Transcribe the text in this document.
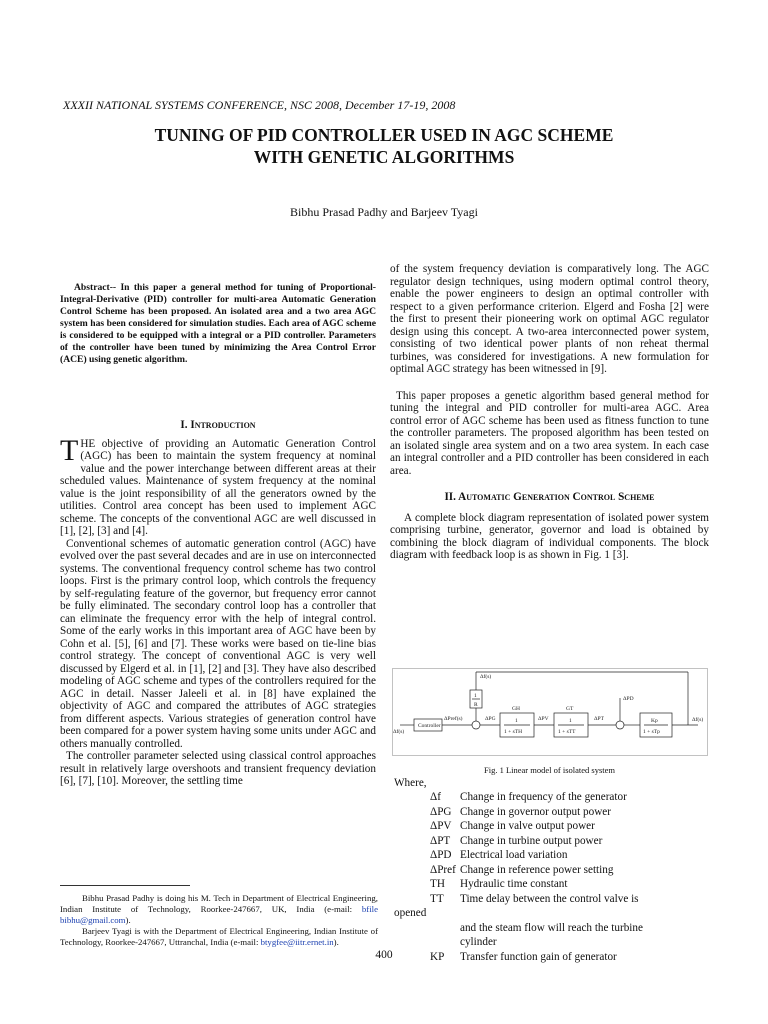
XXXII NATIONAL SYSTEMS CONFERENCE, NSC 2008, December 17-19, 2008
TUNING OF PID CONTROLLER USED IN AGC SCHEME
WITH GENETIC ALGORITHMS
Bibhu Prasad Padhy and Barjeev Tyagi
Abstract-- In this paper a general method for tuning of Proportional-Integral-Derivative (PID) controller for multi-area Automatic Generation Control Scheme has been proposed. An isolated area and a two area AGC system has been considered for simulation studies. Each area of AGC scheme is considered to be equipped with a integral or a PID controller. Parameters of the controller have been tuned by minimizing the Area Control Error (ACE) using genetic algorithm.
I. Introduction

THE objective of providing an Automatic Generation Control (AGC) has been to maintain the system frequency at nominal value and the power interchange between different areas at their scheduled values. Maintenance of system frequency at the nominal value is the joint responsibility of all the generators owned by the utilities. Control area concept has been used to implement AGC scheme. The concepts of the conventional AGC are well discussed in [1], [2], [3] and [4].

Conventional schemes of automatic generation control (AGC) have evolved over the past several decades and are in use on interconnected systems. The conventional frequency control scheme has two control loops. First is the primary control loop, which controls the frequency by self-regulating feature of the governor, but frequency error cannot be fully eliminated. The secondary control loop has a controller that can eliminate the frequency error with the help of integral control. Some of the early works in this important area of AGC have been by Cohn et al. [5], [6] and [7]. These works were based on tie-line bias control strategy. The concept of conventional AGC is very well discussed by Elgerd et al. in [1], [2] and [3]. They have also described modeling of AGC scheme and types of the controllers required for the AGC in detail. Nasser Jaleeli et al. in [8] have explained the objectivity of AGC and compared the attributes of AGC strategies from different aspects. Various strategies of generation control have been compared for a power system having some units under AGC and others manually controlled.

The controller parameter selected using classical control approaches result in relatively large overshoots and transient frequency deviation [6], [7], [10]. Moreover, the settling time

Bibhu Prasad Padhy is doing his M. Tech in Department of Electrical Engineering, Indian Institute of Technology, Roorkee-247667, UK, India (e-mail: bfile bibhu@gmail.com).

Barjeev Tyagi is with the Department of Electrical Engineering, Indian Institute of Technology, Roorkee-247667, Uttranchal, India (e-mail: btygfee@iitr.ernet.in).

of the system frequency deviation is comparatively long. The AGC regulator design techniques, using modern optimal control theory, enable the power engineers to design an optimal controller with respect to a given performance criterion. Elgerd and Fosha [2] were the first to present their pioneering work on optimal AGC regulator design using this concept. A two-area interconnected power system, consisting of two identical power plants of non reheat thermal turbines, was considered for investigations. A new formulation for optimal AGC strategy has been witnessed in [9].

This paper proposes a genetic algorithm based general method for tuning the integral and PID controller for multi-area AGC. Area control error of AGC scheme has been used as fitness function to tune the controller parameters. The proposed algorithm has been tested on an isolated single area system and on a two area system. In each case an integral controller and a PID controller has been considered in each area.

II. Automatic Generation Control Scheme

A complete block diagram representation of isolated power system comprising turbine, generator, governor and load is obtained by combining the block diagram of individual components. The block diagram with feedback loop is as shown in Fig. 1 [3].

Controller
Δf(s)
Δf(s)
Δf(s)
1
R
ΔPref(s)	ΔPG	ΔPV	ΔPT
ΔPD
GH	GT
1
1 + sTH
1
1 + sTT
Kp
1 + sTp
Fig. 1 Linear model of isolated system
Where,
Δf Change in frequency of the generator
ΔPG Change in governor output power
ΔPV Change in valve output power
ΔPT Change in turbine output power
ΔPD Electrical load variation
ΔPref Change in reference power setting
TH Hydraulic time constant
TT Time delay between the control valve is
opened
and the steam flow will reach the turbine
cylinder
KP Transfer function gain of generator
400
